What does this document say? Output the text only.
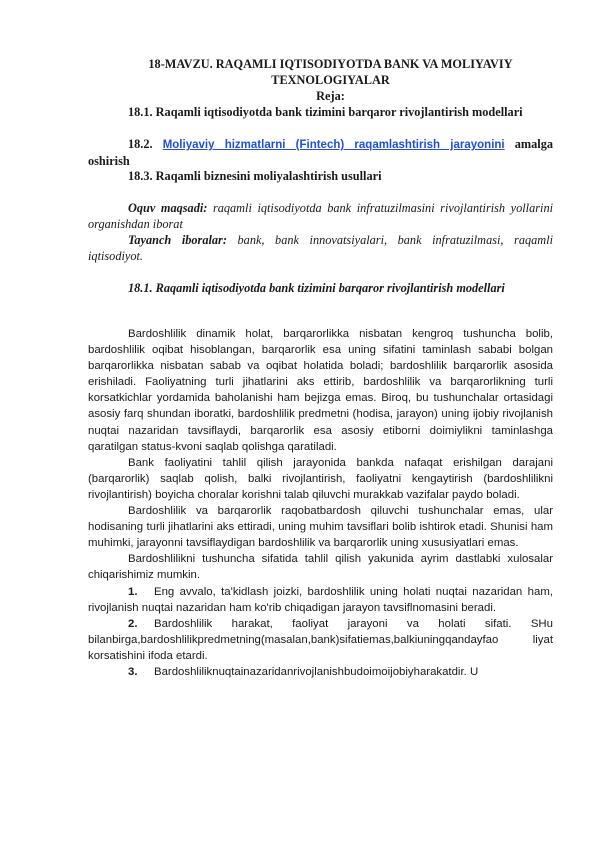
18-MAVZU. RAQAMLI IQTISODIYOTDA BANK VA MOLIYAVIY TEXNOLOGIYALAR
Reja:
18.1. Raqamli iqtisodiyotda bank tizimini barqaror rivojlantirish modellari
18.2. Moliyaviy hizmatlarni (Fintech) raqamlashtirish jarayonini amalga oshirish
18.3. Raqamli biznesini moliyalashtirish usullari
Oquv maqsadi: raqamli iqtisodiyotda bank infratuzilmasini rivojlantirish yollarini organishdan iborat
Tayanch iboralar: bank, bank innovatsiyalari, bank infratuzilmasi, raqamli iqtisodiyot.
18.1. Raqamli iqtisodiyotda bank tizimini barqaror rivojlantirish modellari

Bardoshlilik dinamik holat, barqarorlikka nisbatan kengroq tushuncha bolib, bardoshlilik oqibat hisoblangan, barqarorlik esa uning sifatini taminlash sababi bolgan barqarorlikka nisbatan sabab va oqibat holatida boladi; bardoshlilik barqarorlik asosida erishiladi. Faoliyatning turli jihatlarini aks ettirib, bardoshlilik va barqarorlikning turli korsatkichlar yordamida baholanishi ham bejizga emas. Biroq, bu tushunchalar ortasidagi asosiy farq shundan iboratki, bardoshlilik predmetni (hodisa, jarayon) uning ijobiy rivojlanish nuqtai nazaridan tavsiflaydi, barqarorlik esa asosiy etiborni doimiylikni taminlashga qaratilgan status-kvoni saqlab qolishga qaratiladi.

Bank faoliyatini tahlil qilish jarayonida bankda nafaqat erishilgan darajani (barqarorlik) saqlab qolish, balki rivojlantirish, faoliyatni kengaytirish (bardoshlilikni rivojlantirish) boyicha choralar korishni talab qiluvchi murakkab vazifalar paydo boladi.

Bardoshlilik va barqarorlik raqobatbardosh qiluvchi tushunchalar emas, ular hodisaning turli jihatlarini aks ettiradi, uning muhim tavsiflari bolib ishtirok etadi. Shunisi ham muhimki, jarayonni tavsiflaydigan bardoshlilik va barqarorlik uning xususiyatlari emas.

Bardoshlilikni tushuncha sifatida tahlil qilish yakunida ayrim dastlabki xulosalar chiqarishimiz mumkin.

1. Eng avvalo, ta'kidlash joizki, bardoshlilik uning holati nuqtai nazaridan ham, rivojlanish nuqtai nazaridan ham ko'rib chiqadigan jarayon tavsiflnomasini beradi.

2. Bardoshlilik harakat, faoliyat jarayoni va holati sifati. SHu bilanbirga,bardoshlilikpredmetning(masalan,bank)sifatiemas,balkiuningqandayfao liyat korsatishini ifoda etardi.

3. Bardoshliliknuqtainazaridanrivojlanishbudoimoijobiyharakatdir. U
